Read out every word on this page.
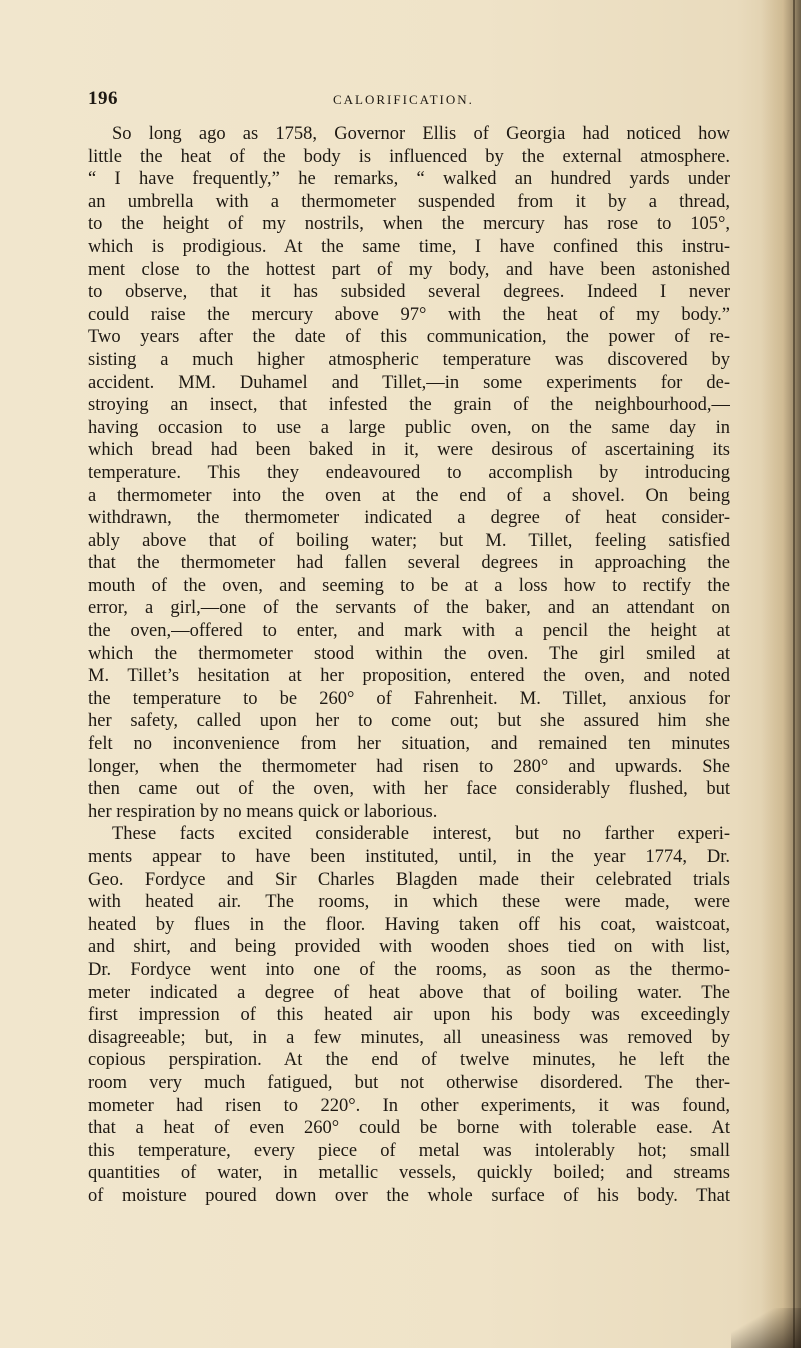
196	CALORIFICATION.
So long ago as 1758, Governor Ellis of Georgia had noticed how
little the heat of the body is influenced by the external atmosphere.
“ I have frequently,” he remarks, “ walked an hundred yards under
an umbrella with a thermometer suspended from it by a thread,
to the height of my nostrils, when the mercury has rose to 105°,
which is prodigious. At the same time, I have confined this instru-
ment close to the hottest part of my body, and have been astonished
to observe, that it has subsided several degrees. Indeed I never
could raise the mercury above 97° with the heat of my body.”
Two years after the date of this communication, the power of re-
sisting a much higher atmospheric temperature was discovered by
accident. MM. Duhamel and Tillet,—in some experiments for de-
stroying an insect, that infested the grain of the neighbourhood,—
having occasion to use a large public oven, on the same day in
which bread had been baked in it, were desirous of ascertaining its
temperature. This they endeavoured to accomplish by introducing
a thermometer into the oven at the end of a shovel. On being
withdrawn, the thermometer indicated a degree of heat consider-
ably above that of boiling water; but M. Tillet, feeling satisfied
that the thermometer had fallen several degrees in approaching the
mouth of the oven, and seeming to be at a loss how to rectify the
error, a girl,—one of the servants of the baker, and an attendant on
the oven,—offered to enter, and mark with a pencil the height at
which the thermometer stood within the oven. The girl smiled at
M. Tillet’s hesitation at her proposition, entered the oven, and noted
the temperature to be 260° of Fahrenheit. M. Tillet, anxious for
her safety, called upon her to come out; but she assured him she
felt no inconvenience from her situation, and remained ten minutes
longer, when the thermometer had risen to 280° and upwards. She
then came out of the oven, with her face considerably flushed, but
her respiration by no means quick or laborious.
These facts excited considerable interest, but no farther experi-
ments appear to have been instituted, until, in the year 1774, Dr.
Geo. Fordyce and Sir Charles Blagden made their celebrated trials
with heated air. The rooms, in which these were made, were
heated by flues in the floor. Having taken off his coat, waistcoat,
and shirt, and being provided with wooden shoes tied on with list,
Dr. Fordyce went into one of the rooms, as soon as the thermo-
meter indicated a degree of heat above that of boiling water. The
first impression of this heated air upon his body was exceedingly
disagreeable; but, in a few minutes, all uneasiness was removed by
copious perspiration. At the end of twelve minutes, he left the
room very much fatigued, but not otherwise disordered. The ther-
mometer had risen to 220°. In other experiments, it was found,
that a heat of even 260° could be borne with tolerable ease. At
this temperature, every piece of metal was intolerably hot; small
quantities of water, in metallic vessels, quickly boiled; and streams
of moisture poured down over the whole surface of his body. That
